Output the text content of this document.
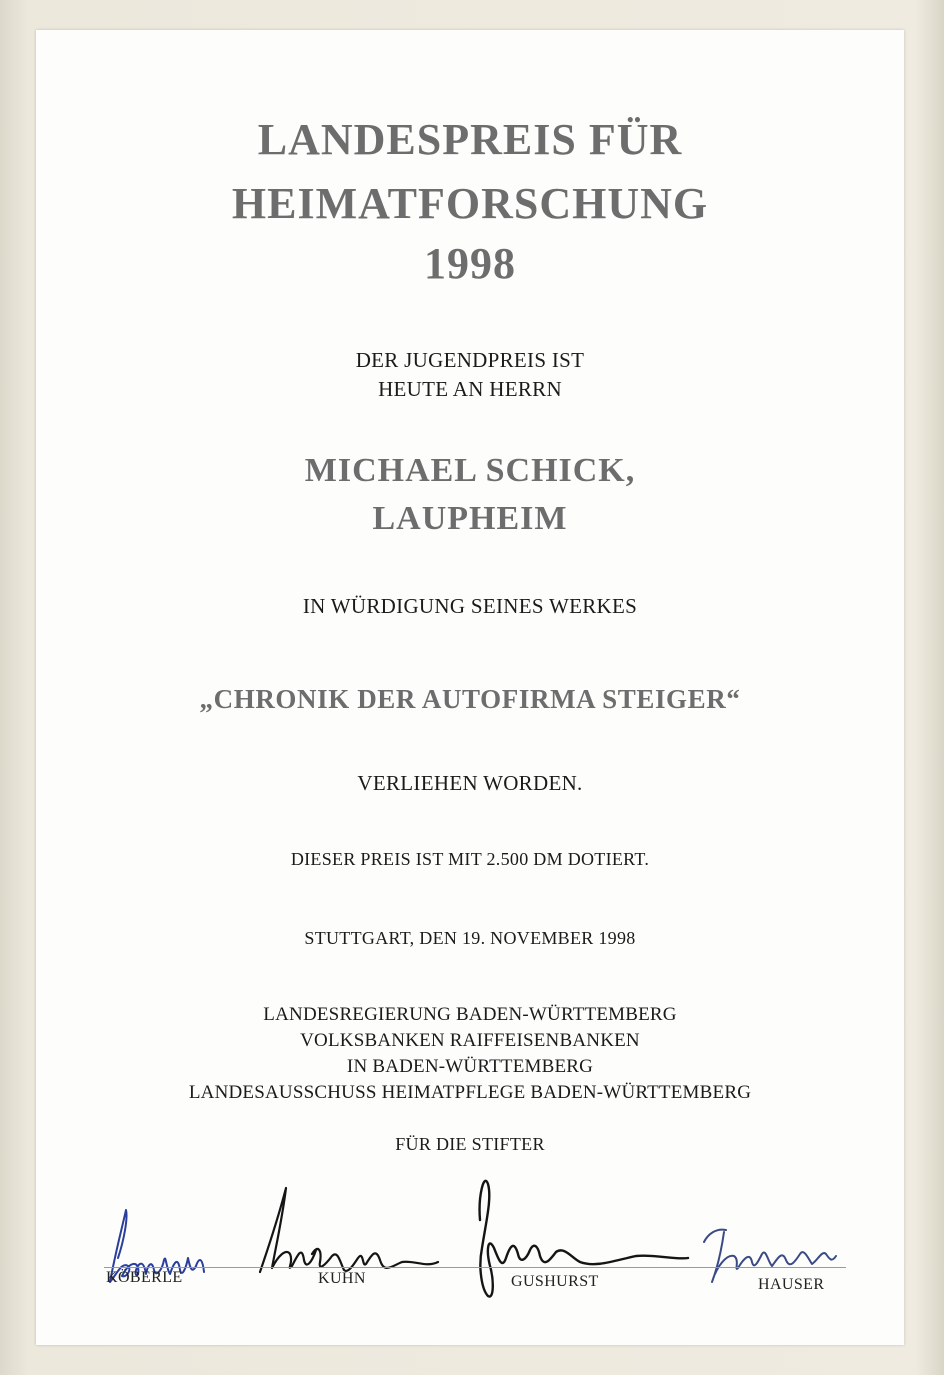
LANDESPREIS FÜR
HEIMATFORSCHUNG
1998
DER JUGENDPREIS IST
HEUTE AN HERRN
MICHAEL SCHICK,
LAUPHEIM
IN WÜRDIGUNG SEINES WERKES
„CHRONIK DER AUTOFIRMA STEIGER“
VERLIEHEN WORDEN.
DIESER PREIS IST MIT 2.500 DM DOTIERT.
STUTTGART, DEN 19. NOVEMBER 1998
LANDESREGIERUNG BADEN-WÜRTTEMBERG
VOLKSBANKEN RAIFFEISENBANKEN
IN BADEN-WÜRTTEMBERG
LANDESAUSSCHUSS HEIMATPFLEGE BADEN-WÜRTTEMBERG
FÜR DIE STIFTER
KÖBERLE	KUHN	GUSHURST	HAUSER
